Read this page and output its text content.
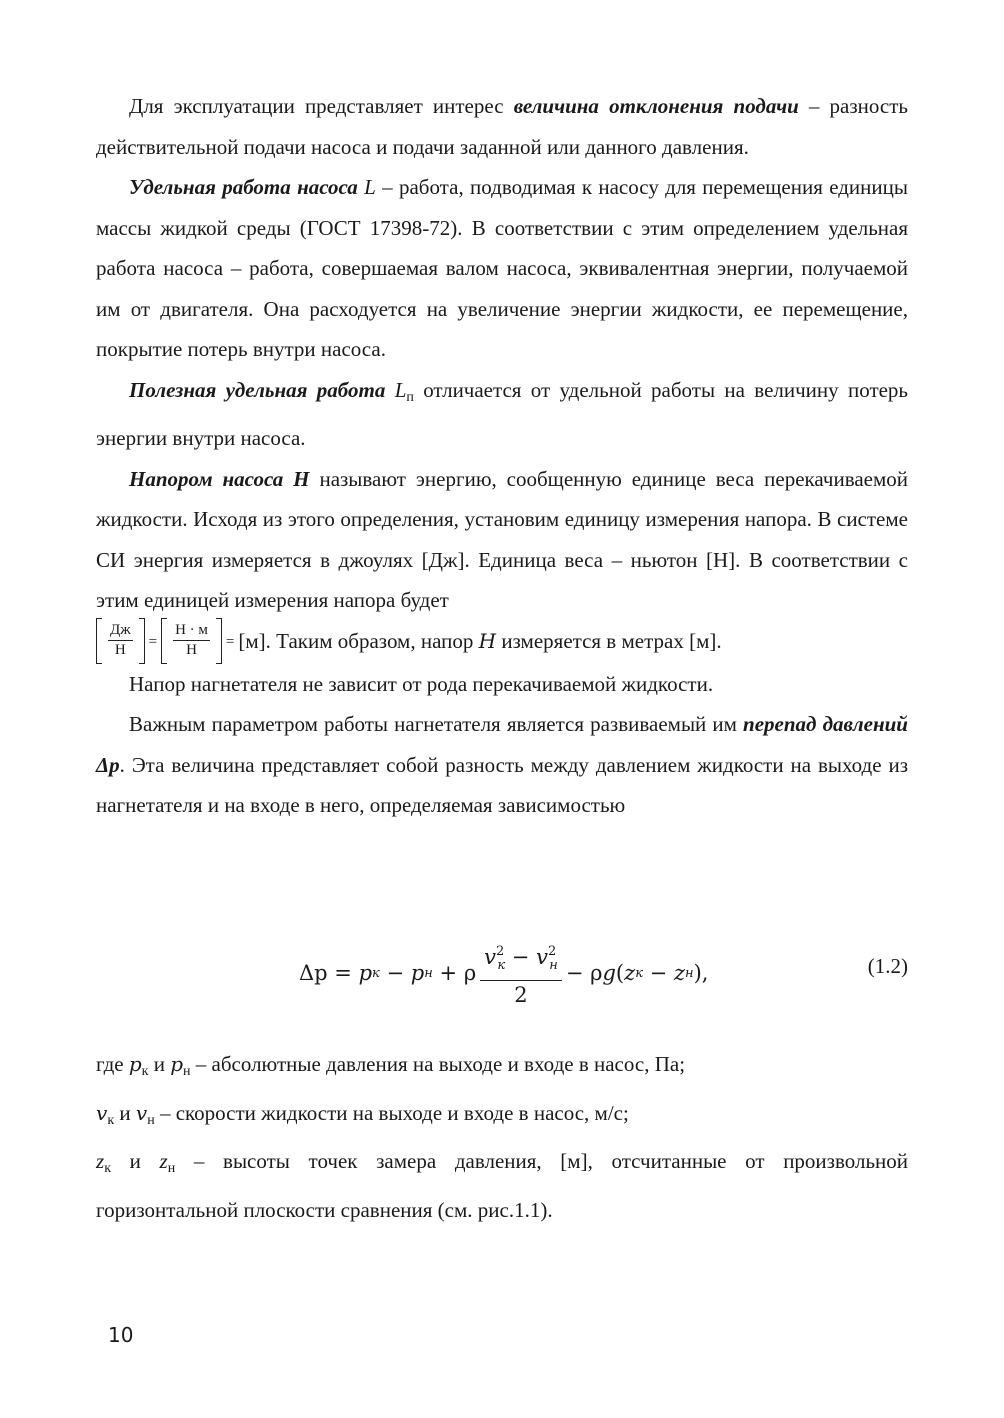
Для эксплуатации представляет интерес величина отклонения подачи – разность действительной подачи насоса и подачи заданной или данного давления.

Удельная работа насоса L – работа, подводимая к насосу для перемещения единицы массы жидкой среды (ГОСТ 17398-72). В соответствии с этим определением удельная работа насоса – работа, совершаемая валом насоса, эквивалентная энергии, получаемой им от двигателя. Она расходуется на увеличение энергии жидкости, ее перемещение, покрытие потерь внутри насоса.

Полезная удельная работа $L_п$ отличается от удельной работы на величину потерь энергии внутри насоса.

Напором насоса H называют энергию, сообщенную единице веса перекачиваемой жидкости. Исходя из этого определения, установим единицу измерения напора. В системе СИ энергия измеряется в джоулях [Дж]. Единица веса – ньютон [Н]. В соответствии с этим единицей измерения напора будет

Дж
Н =
Н · м
Н = [м]. Таким образом, напор H измеряется в метрах [м].

Напор нагнетателя не зависит от рода перекачиваемой жидкости.

Важным параметром работы нагнетателя является развиваемый им перепад давлений Δp. Эта величина представляет собой разность между давлением жидкости на выходе из нагнетателя и на входе в него, определяемая зависимостью

Δp
=
p к
−
p н
+
ρ
$v^2_к - v^2_н$
2
−
ρ g ( z к
−
z н ),	(1.2)

где $p_к$ и $p_н$ – абсолютные давления на выходе и входе в насос, Па;

$v_к$ и $v_н$ – скорости жидкости на выходе и входе в насос, м/с;

$z_к$ и $z_н$ – высоты точек замера давления, [м], отсчитанные от произвольной горизонтальной плоскости сравнения (см. рис.1.1).

10
